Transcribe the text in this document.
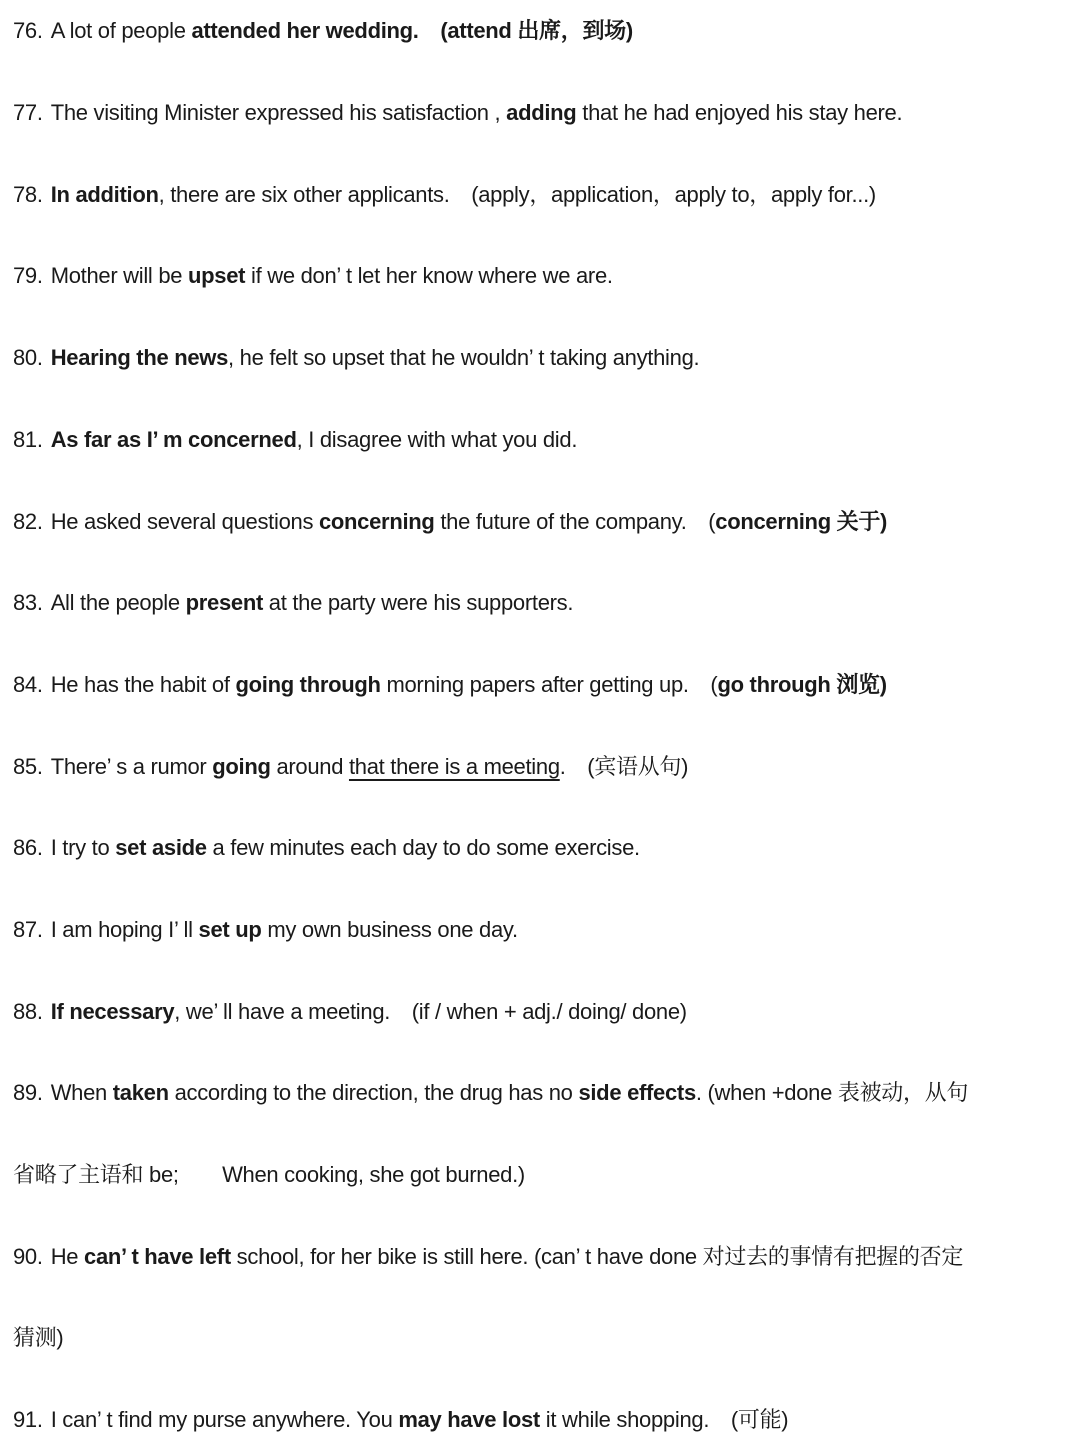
76. A lot of people attended her wedding.　(attend 出席，到场)
77. The visiting Minister expressed his satisfaction , adding that he had enjoyed his stay here.
78. In addition, there are six other applicants.　(apply，application，apply to，apply for...)
79. Mother will be upset if we don’ t let her know where we are.
80. Hearing the news, he felt so upset that he wouldn’ t taking anything.
81. As far as I’ m concerned, I disagree with what you did.
82. He asked several questions concerning the future of the company.　(concerning 关于)
83. All the people present at the party were his supporters.
84. He has the habit of going through morning papers after getting up.　(go through 浏览)
85. There’ s a rumor going around that there is a meeting.　(宾语从句)
86. I try to set aside a few minutes each day to do some exercise.
87. I am hoping I’ ll set up my own business one day.
88. If necessary, we’ ll have a meeting.　(if / when + adj./ doing/ done)
89. When taken according to the direction, the drug has no side effects. (when +done 表被动，从句
省略了主语和 be;　　When cooking, she got burned.)
90. He can’ t have left school, for her bike is still here. (can’ t have done 对过去的事情有把握的否定
猜测)
91. I can’ t find my purse anywhere. You may have lost it while shopping.　(可能)
